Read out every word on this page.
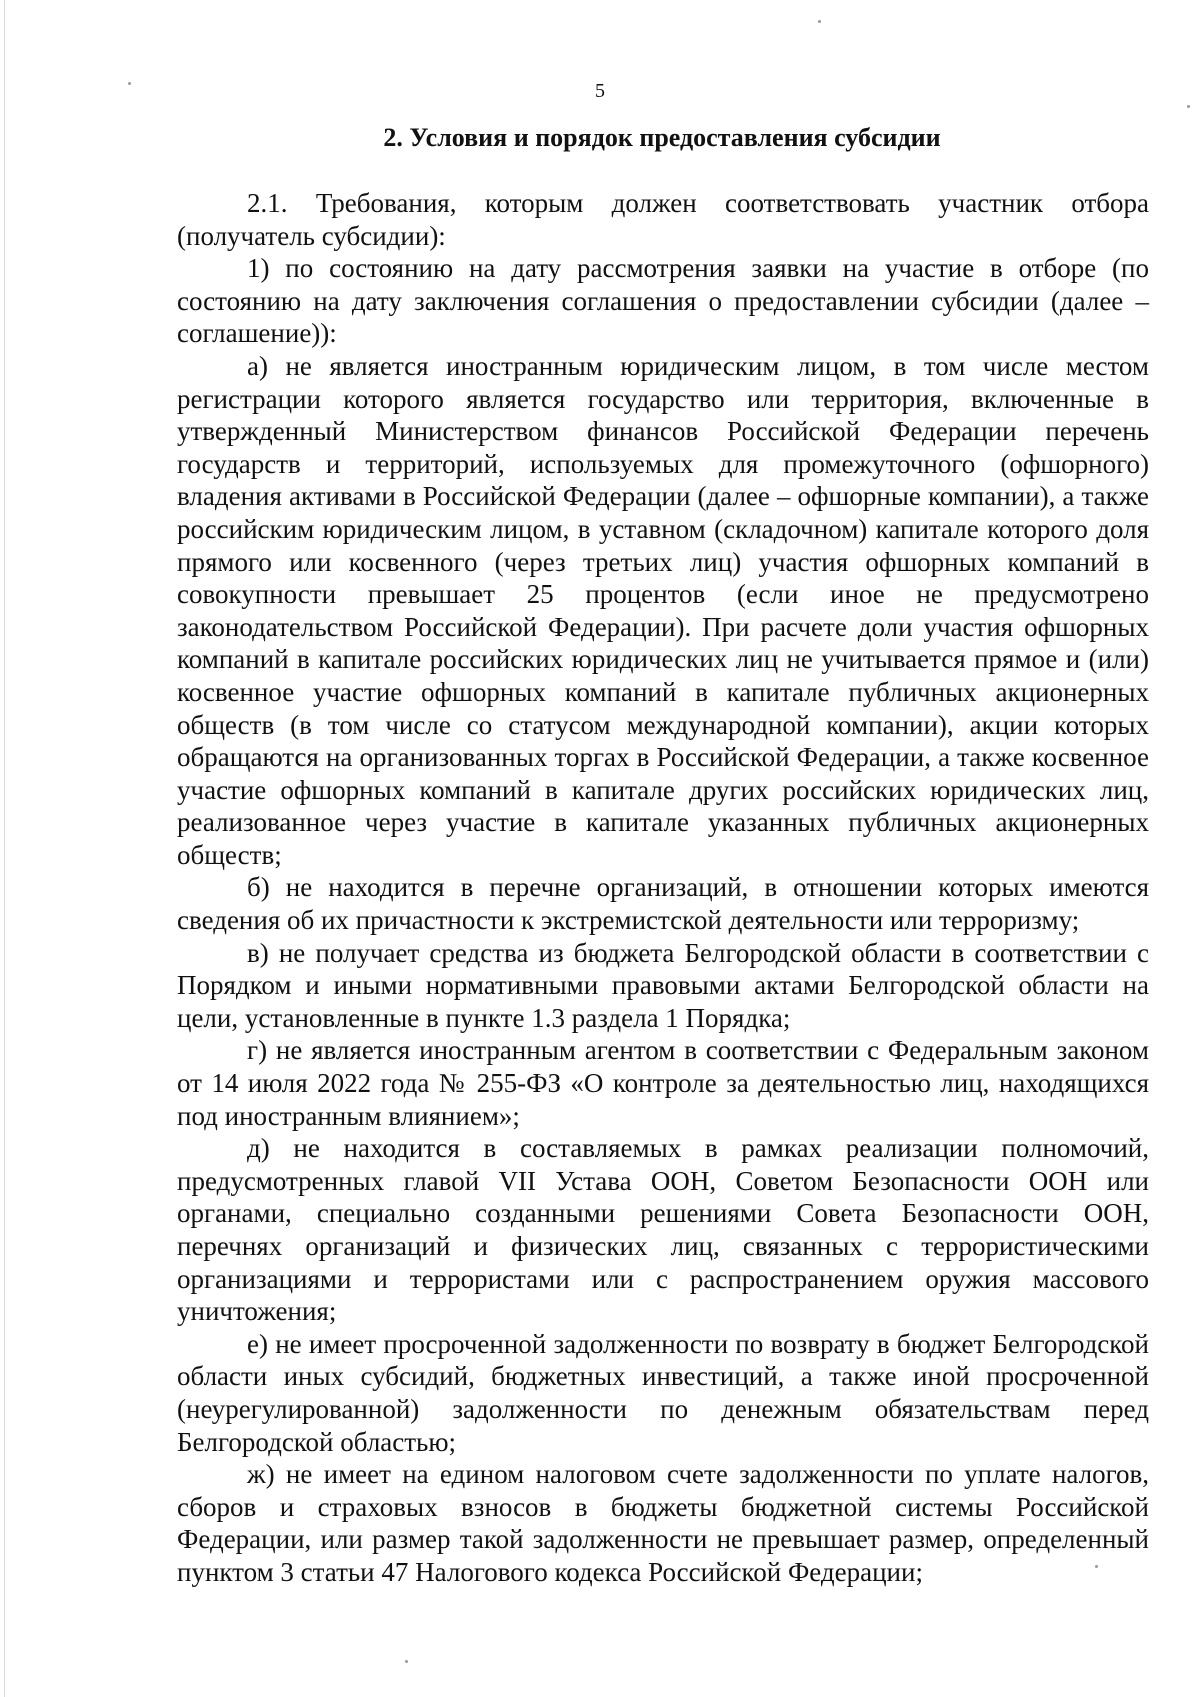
5
2. Условия и порядок предоставления субсидии

2.1. Требования, которым должен соответствовать участник отбора (получатель субсидии):

1) по состоянию на дату рассмотрения заявки на участие в отборе (по состоянию на дату заключения соглашения о предоставлении субсидии (далее – соглашение)):

а) не является иностранным юридическим лицом, в том числе местом регистрации которого является государство или территория, включенные в утвержденный Министерством финансов Российской Федерации перечень государств и территорий, используемых для промежуточного (офшорного) владения активами в Российской Федерации (далее – офшорные компании), а также российским юридическим лицом, в уставном (складочном) капитале которого доля прямого или косвенного (через третьих лиц) участия офшорных компаний в совокупности превышает 25 процентов (если иное не предусмотрено законодательством Российской Федерации). При расчете доли участия офшорных компаний в капитале российских юридических лиц не учитывается прямое и (или) косвенное участие офшорных компаний в капитале публичных акционерных обществ (в том числе со статусом международной компании), акции которых обращаются на организованных торгах в Российской Федерации, а также косвенное участие офшорных компаний в капитале других российских юридических лиц, реализованное через участие в капитале указанных публичных акционерных обществ;

б) не находится в перечне организаций, в отношении которых имеются сведения об их причастности к экстремистской деятельности или терроризму;

в) не получает средства из бюджета Белгородской области в соответствии с Порядком и иными нормативными правовыми актами Белгородской области на цели, установленные в пункте 1.3 раздела 1 Порядка;

г) не является иностранным агентом в соответствии с Федеральным законом от 14 июля 2022 года № 255-ФЗ «О контроле за деятельностью лиц, находящихся под иностранным влиянием»;

д) не находится в составляемых в рамках реализации полномочий, предусмотренных главой VII Устава ООН, Советом Безопасности ООН или органами, специально созданными решениями Совета Безопасности ООН, перечнях организаций и физических лиц, связанных с террористическими организациями и террористами или с распространением оружия массового уничтожения;

е) не имеет просроченной задолженности по возврату в бюджет Белгородской области иных субсидий, бюджетных инвестиций, а также иной просроченной (неурегулированной) задолженности по денежным обязательствам перед Белгородской областью;

ж) не имеет на едином налоговом счете задолженности по уплате налогов, сборов и страховых взносов в бюджеты бюджетной системы Российской Федерации, или размер такой задолженности не превышает размер, определенный пунктом 3 статьи 47 Налогового кодекса Российской Федерации;
